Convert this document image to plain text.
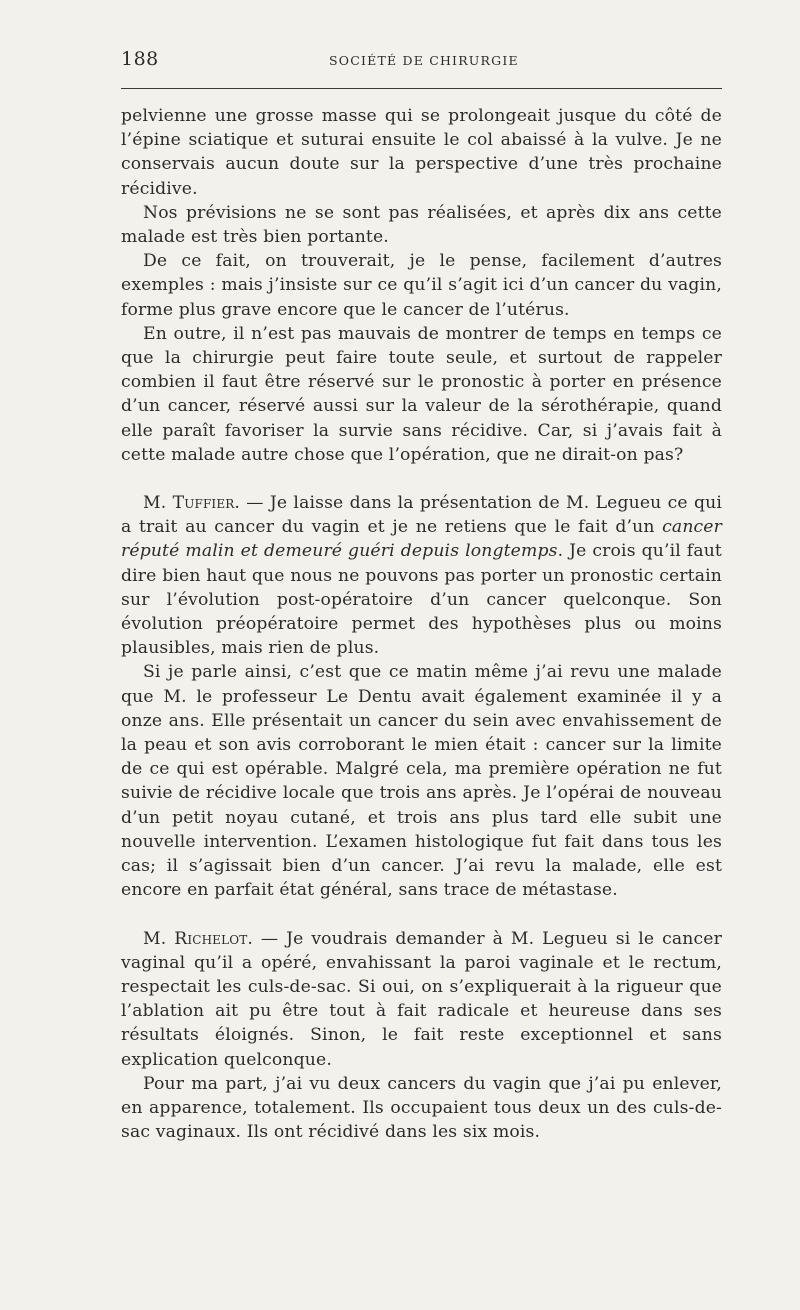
188	SOCIÉTÉ DE CHIRURGIE

pelvienne une grosse masse qui se prolongeait jusque du côté de l’épine sciatique et suturai ensuite le col abaissé à la vulve. Je ne conservais aucun doute sur la perspective d’une très prochaine récidive.

Nos prévisions ne se sont pas réalisées, et après dix ans cette malade est très bien portante.

De ce fait, on trouverait, je le pense, facilement d’autres exemples : mais j’insiste sur ce qu’il s’agit ici d’un cancer du vagin, forme plus grave encore que le cancer de l’utérus.

En outre, il n’est pas mauvais de montrer de temps en temps ce que la chirurgie peut faire toute seule, et surtout de rappeler combien il faut être réservé sur le pronostic à porter en présence d’un cancer, réservé aussi sur la valeur de la sérothérapie, quand elle paraît favoriser la survie sans récidive. Car, si j’avais fait à cette malade autre chose que l’opération, que ne dirait-on pas?

M. Tuffier. — Je laisse dans la présentation de M. Legueu ce qui a trait au cancer du vagin et je ne retiens que le fait d’un cancer réputé malin et demeuré guéri depuis longtemps. Je crois qu’il faut dire bien haut que nous ne pouvons pas porter un pronostic certain sur l’évolution post-opératoire d’un cancer quelconque. Son évolution préopératoire permet des hypothèses plus ou moins plausibles, mais rien de plus.

Si je parle ainsi, c’est que ce matin même j’ai revu une malade que M. le professeur Le Dentu avait également examinée il y a onze ans. Elle présentait un cancer du sein avec envahissement de la peau et son avis corroborant le mien était : cancer sur la limite de ce qui est opérable. Malgré cela, ma première opération ne fut suivie de récidive locale que trois ans après. Je l’opérai de nouveau d’un petit noyau cutané, et trois ans plus tard elle subit une nouvelle intervention. L’examen histologique fut fait dans tous les cas; il s’agissait bien d’un cancer. J’ai revu la malade, elle est encore en parfait état général, sans trace de métastase.

M. Richelot. — Je voudrais demander à M. Legueu si le cancer vaginal qu’il a opéré, envahissant la paroi vaginale et le rectum, respectait les culs-de-sac. Si oui, on s’expliquerait à la rigueur que l’ablation ait pu être tout à fait radicale et heureuse dans ses résultats éloignés. Sinon, le fait reste exceptionnel et sans explication quelconque.

Pour ma part, j’ai vu deux cancers du vagin que j’ai pu enlever, en apparence, totalement. Ils occupaient tous deux un des culs-de-sac vaginaux. Ils ont récidivé dans les six mois.
